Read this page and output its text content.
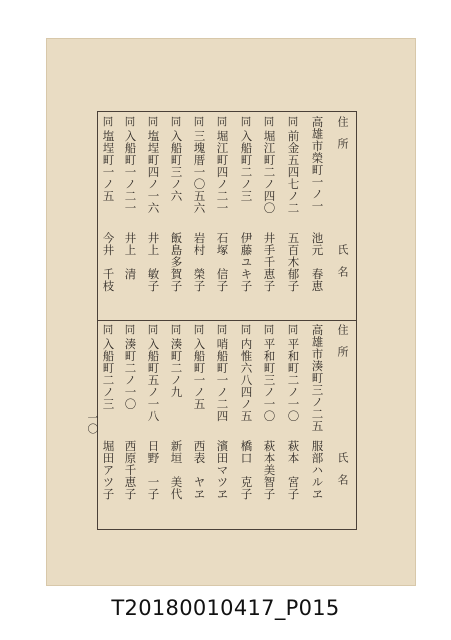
住　所
氏　名
住　所
氏　名
高雄市榮町一ノ一
池元　春恵
前金五四七ノ二
五百木郁子
堀江町二ノ四〇
井手千恵子
入船町二ノ三
伊藤ユキ子
堀江町四ノ二一
石塚　信子
三塊厝一〇五六
岩村　榮子
入船町三ノ六
飯島多賀子
塩埕町四ノ一六
井上　敏子
入船町一ノ二一
井上　清
塩埕町一ノ五
今井　千枝
同
同
同
同
同
同
同
同
同
高雄市湊町三ノ二五
服部ハルヱ
平和町二ノ一〇
萩本　宮子
平和町三ノ一〇
萩本美智子
内惟六八四ノ五
橋口　克子
哨船町一ノ二四
濱田マツヱ
入船町一ノ五
西表　ヤヱ
湊町二ノ九
新垣　美代
入船町五ノ一八
日野　一子
湊町二ノ一〇
西原千恵子
入船町二ノ三
堀田アツ子
同
同
同
同
同
同
同
同
同
一〇
T20180010417_P015
